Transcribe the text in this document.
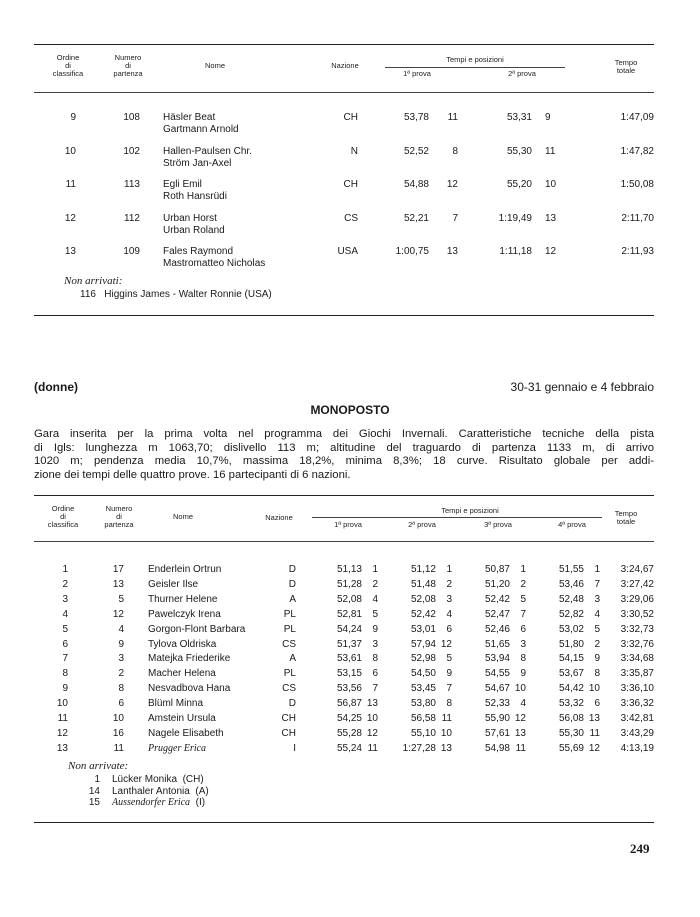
Ordine
di
classifica
Numero
di
partenza
Nome	Nazione
Tempi e posizioni
1ª prova	2ª prova
Tempo
totale
9	108 Häsler Beat
Gartmann Arnold
CH	53,78	11	53,31 9	1:47,09
10	102 Hallen-Paulsen Chr.
Ström Jan-Axel
N	52,52	8	55,30 11	1:47,82
11	113 Egli Emil
Roth Hansrüdi
CH	54,88	12	55,20 10	1:50,08
12	112 Urban Horst
Urban Roland
CS	52,21	7	1:19,49 13	2:11,70
13	109 Fales Raymond
Mastromatteo Nicholas
USA	1:00,75	13	1:11,18 12	2:11,93
Non arrivati:
116 Higgins James - Walter Ronnie (USA)
(donne)	30-31 gennaio e 4 febbraio
MONOPOSTO
Gara inserita per la prima volta nel programma dei Giochi Invernali. Caratteristiche tecniche della pista
di Igls: lunghezza m 1063,70; dislivello 113 m; altitudine del traguardo di partenza 1133 m, di arrivo
1020 m; pendenza media 10,7%, massima 18,2%, minima 8,3%; 18 curve. Risultato globale per addi-
zione dei tempi delle quattro prove. 16 partecipanti di 6 nazioni.
Ordine
di
classifica
Numero
di
partenza
Nome	Nazione
Tempi e posizioni
1ª prova	2ª prova	3ª prova	4ª prova
Tempo
totale
1	17 Enderlein Ortrun	D	51,13	1	51,12	1	50,87	1	51,55	1	3:24,67
2	13 Geisler Ilse	D	51,28	2	51,48	2	51,20	2	53,46	7	3:27,42
3	5 Thurner Helene	A	52,08	4	52,08	3	52,42	5	52,48	3	3:29,06
4	12 Pawelczyk Irena	PL	52,81	5	52,42	4	52,47	7	52,82	4	3:30,52
5	4 Gorgon-Flont Barbara	PL	54,24	9	53,01	6	52,46	6	53,02	5	3:32,73
6	9 Tylova Oldriska	CS	51,37	3	57,94 12	51,65	3	51,80	2	3:32,76
7	3 Matejka Friederike	A	53,61	8	52,98	5	53,94	8	54,15	9	3:34,68
8	2 Macher Helena	PL	53,15	6	54,50	9	54,55	9	53,67	8	3:35,87
9	8 Nesvadbova Hana	CS	53,56	7	53,45	7	54,67 10	54,42 10	3:36,10
10	6 Blüml Minna	D	56,87 13	53,80	8	52,33	4	53,32	6	3:36,32
11	10 Amstein Ursula	CH	54,25 10	56,58 11	55,90 12	56,08 13	3:42,81
12	16 Nagele Elisabeth	CH	55,28 12	55,10 10	57,61 13	55,30 11	3:43,29
13	11 Prugger Erica	I	55,24 11	1:27,28 13	54,98 11	55,69 12	4:13,19
Non arrivate:
1 Lücker Monika (CH)
14 Lanthaler Antonia (A)
15 Aussendorfer Erica (I)
249
